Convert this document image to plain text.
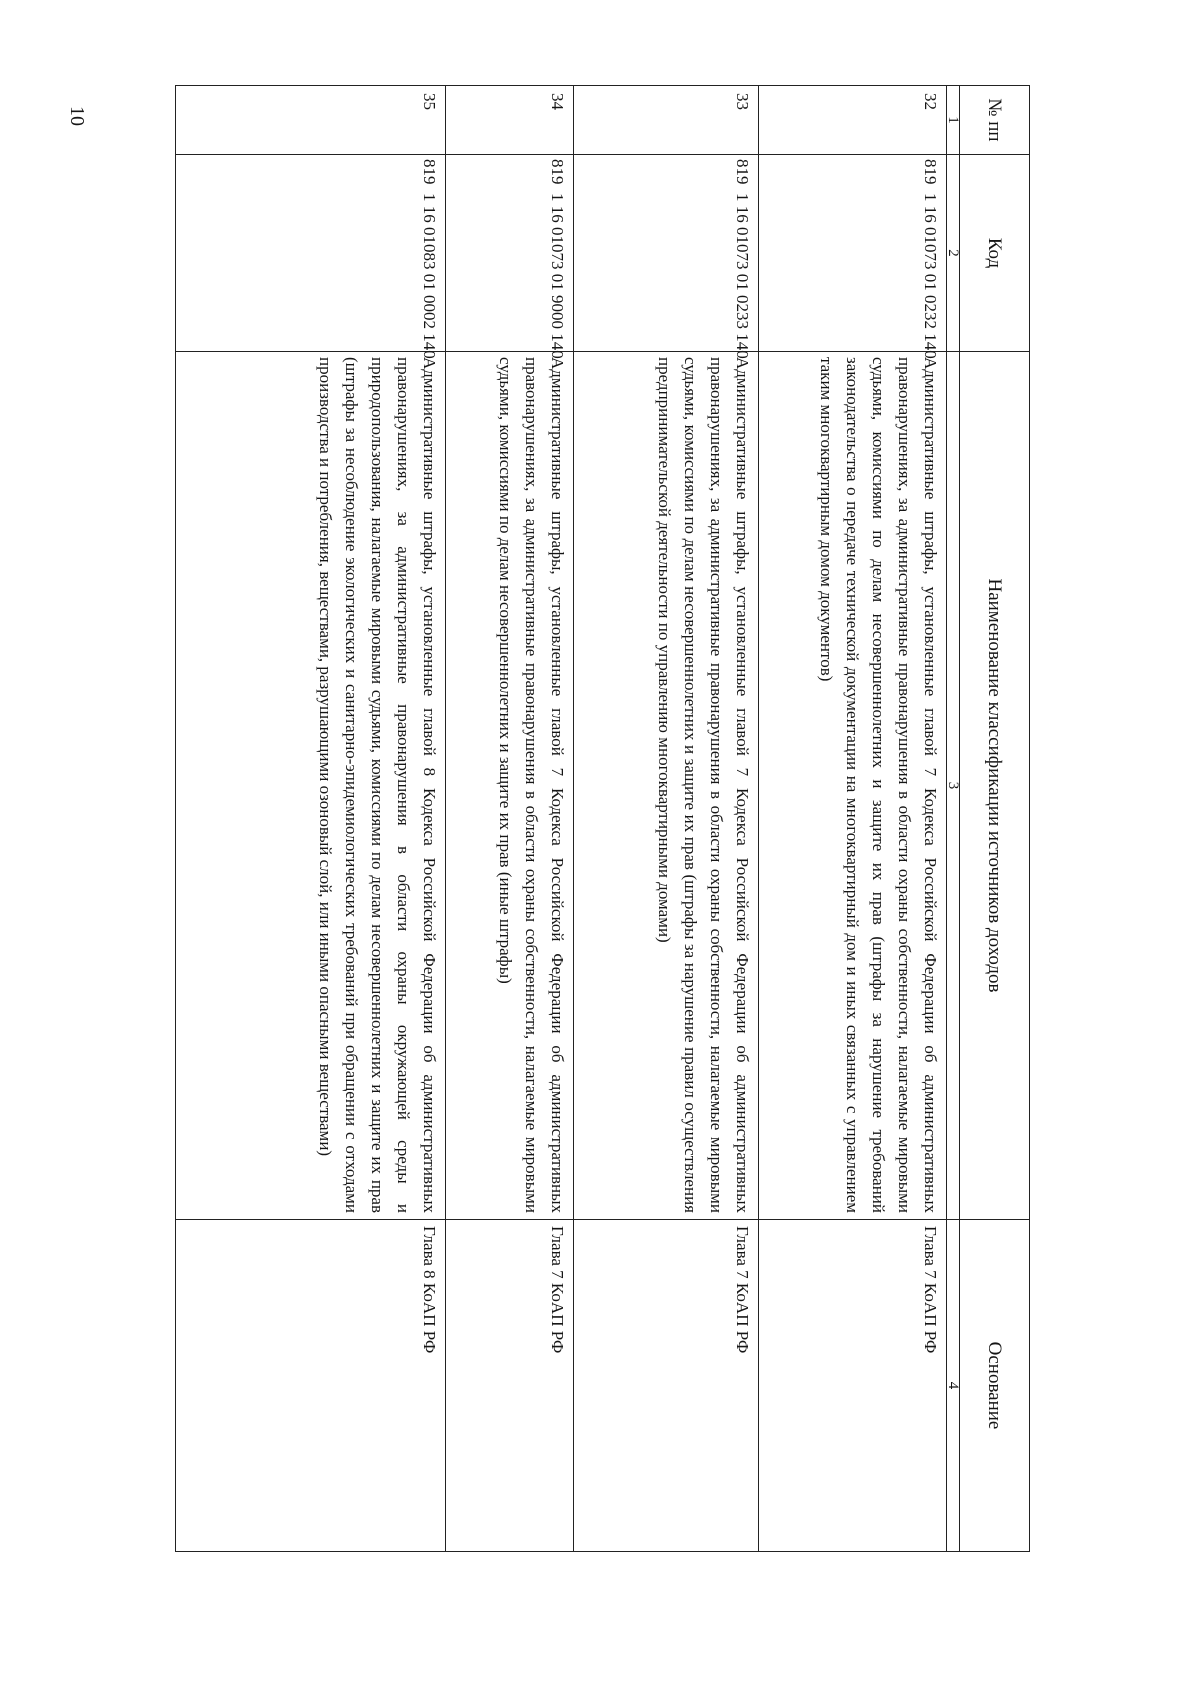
10	№ пп	Код	Наименование классификации источников доходов	Основание
1	2	3	4
32	819  1 16 01073 01 0232 140	Административные штрафы, установленные главой 7 Кодекса Российской Федерации об административных правонарушениях, за административные правонарушения в области охраны собственности, налагаемые мировыми судьями, комиссиями по делам несовершеннолетних и защите их прав (штрафы за нарушение требований законодательства о передаче технической документации на многоквартирный дом и иных связанных с управлением таким многоквартирным домом документов)	Глава 7 КоАП РФ
33	819  1 16 01073 01 0233 140	Административные штрафы, установленные главой 7 Кодекса Российской Федерации об административных правонарушениях, за административные правонарушения в области охраны собственности, налагаемые мировыми судьями, комиссиями по делам несовершеннолетних и защите их прав (штрафы за нарушение правил осуществления предпринимательской деятельности по управлению многоквартирными домами)	Глава 7 КоАП РФ
34	819  1 16 01073 01 9000 140	Административные штрафы, установленные главой 7 Кодекса Российской Федерации об административных правонарушениях, за административные правонарушения в области охраны собственности, налагаемые мировыми судьями, комиссиями по делам несовершеннолетних и защите их прав (иные штрафы)	Глава 7 КоАП РФ
35	819  1 16 01083 01 0002 140	Административные штрафы, установленные главой 8 Кодекса Российской Федерации об административных правонарушениях, за административные правонарушения в области охраны окружающей среды и природопользования, налагаемые мировыми судьями, комиссиями по делам несовершеннолетних и защите их прав (штрафы за несоблюдение экологических и санитарно-эпидемиологических требований при обращении с отходами производства и потребления, веществами, разрушающими озоновый слой, или иными опасными веществами)	Глава 8 КоАП РФ
